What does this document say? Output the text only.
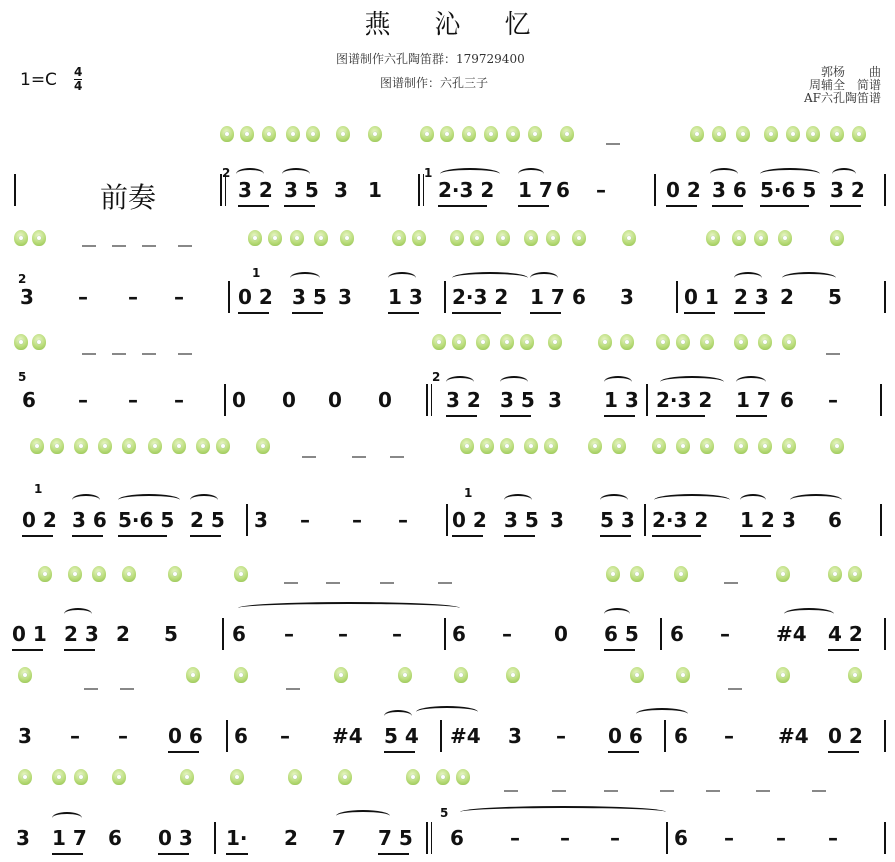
燕 沁 忆
图谱制作六孔陶笛群：179729400
图谱制作：六孔三子
$1=C \frac{4}{4}$	郭杨　　曲
周辅全　简谱
AF六孔陶笛谱
前奏	3 2 3 5 3 1	2·3 2 1 7 6 –	0 2 3 6 5·6 5 3 2
3 – – –	0 2 3 5 3 1 3 2·3 2 1 7 6 3	0 1 2 3 2 5
6 – – – 0 0 0 0	3 2 3 5 3 1 3 2·3 2 1 7 6 –
0 2 3 6 5·6 5 2 5 3 – – – 0 2 3 5 3 5 3 2·3 2 1 2 3 6
0 1 2 3 2 5	6 – – –	6 – 0 6 5 6 – #4 4 2
3 – – 0 6 6 – #4 5 4 #4 3 – 0 6 6 – #4 0 2
3 1 7 6 0 3 1· 2 7 7 5 6 – – –	6 – – –
2	1
2	1
5	2
1	1
5
